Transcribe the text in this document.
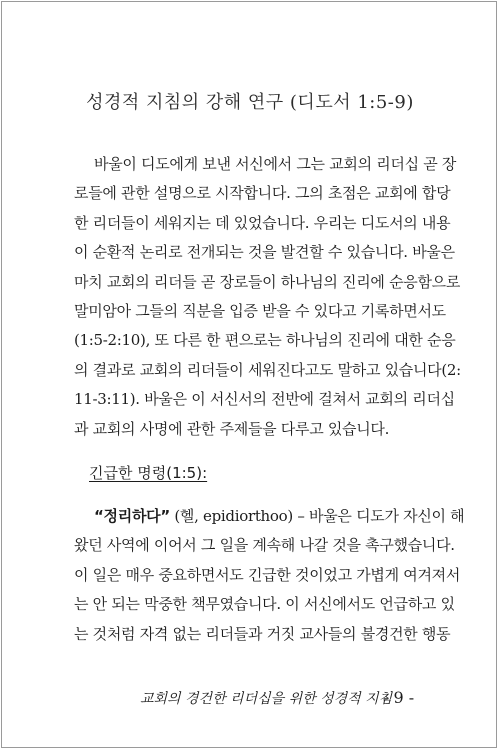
성경적 지침의 강해 연구 (디도서 1:5-9)
바울이 디도에게 보낸 서신에서 그는 교회의 리더십 곧 장
로들에 관한 설명으로 시작합니다. 그의 초점은 교회에 합당
한 리더들이 세워지는 데 있었습니다. 우리는 디도서의 내용
이 순환적 논리로 전개되는 것을 발견할 수 있습니다. 바울은
마치 교회의 리더들 곧 장로들이 하나님의 진리에 순응함으로
말미암아 그들의 직분을 입증 받을 수 있다고 기록하면서도
(1:5-2:10), 또 다른 한 편으로는 하나님의 진리에 대한 순응
의 결과로 교회의 리더들이 세워진다고도 말하고 있습니다(2:
11-3:11). 바울은 이 서신서의 전반에 걸쳐서 교회의 리더십
과 교회의 사명에 관한 주제들을 다루고 있습니다.
긴급한 명령(1:5):
“정리하다” (헬, epidiorthoo) – 바울은 디도가 자신이 해
왔던 사역에 이어서 그 일을 계속해 나갈 것을 촉구했습니다.
이 일은 매우 중요하면서도 긴급한 것이었고 가볍게 여겨져서
는 안 되는 막중한 책무였습니다. 이 서신에서도 언급하고 있
는 것처럼 자격 없는 리더들과 거짓 교사들의 불경건한 행동
교회의 경건한 리더십을 위한 성경적 지침
- 9 -
